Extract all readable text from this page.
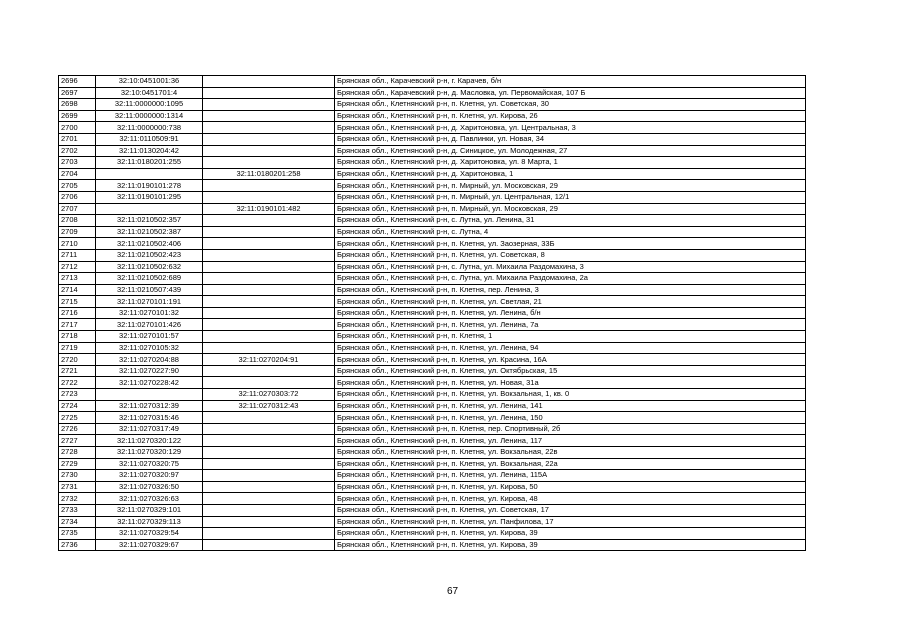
2696	32:10:0451001:36		Брянская обл., Карачевский р-н, г. Карачев, б/н
2697	32:10:0451701:4		Брянская обл., Карачевский р-н, д. Масловка, ул. Первомайская, 107 Б
2698	32:11:0000000:1095		Брянская обл., Клетнянский р-н, п. Клетня, ул. Советская, 30
2699	32:11:0000000:1314		Брянская обл., Клетнянский р-н, п. Клетня, ул. Кирова, 26
2700	32:11:0000000:738		Брянская обл., Клетнянский р-н, д. Харитоновка, ул. Центральная, 3
2701	32:11:0110509:91		Брянская обл., Клетнянский р-н, д. Павлинки, ул. Новая, 34
2702	32:11:0130204:42		Брянская обл., Клетнянский р-н, д. Синицкое, ул. Молодежная, 27
2703	32:11:0180201:255		Брянская обл., Клетнянский р-н, д. Харитоновка, ул. 8 Марта, 1
2704		32:11:0180201:258	Брянская обл., Клетнянский р-н, д. Харитоновка, 1
2705	32:11:0190101:278		Брянская обл., Клетнянский р-н, п. Мирный, ул. Московская, 29
2706	32:11:0190101:295		Брянская обл., Клетнянский р-н, п. Мирный, ул. Центральная, 12/1
2707		32:11:0190101:482	Брянская обл., Клетнянский р-н, п. Мирный, ул. Московская, 29
2708	32:11:0210502:357		Брянская обл., Клетнянский р-н, с. Лутна, ул. Ленина, 31
2709	32:11:0210502:387		Брянская обл., Клетнянский р-н, с. Лутна, 4
2710	32:11:0210502:406		Брянская обл., Клетнянский р-н, п. Клетня, ул. Заозерная, 33Б
2711	32:11:0210502:423		Брянская обл., Клетнянский р-н, п. Клетня, ул. Советская, 8
2712	32:11:0210502:632		Брянская обл., Клетнянский р-н, с. Лутна, ул. Михаила Раздомахина, 3
2713	32:11:0210502:689		Брянская обл., Клетнянский р-н, с. Лутна, ул. Михаила Раздомахина, 2а
2714	32:11:0210507:439		Брянская обл., Клетнянский р-н, п. Клетня, пер. Ленина, 3
2715	32:11:0270101:191		Брянская обл., Клетнянский р-н, п. Клетня, ул. Светлая, 21
2716	32:11:0270101:32		Брянская обл., Клетнянский р-н, п. Клетня, ул. Ленина, б/н
2717	32:11:0270101:426		Брянская обл., Клетнянский р-н, п. Клетня, ул. Ленина, 7а
2718	32:11:0270101:57		Брянская обл., Клетнянский р-н, п. Клетня, 1
2719	32:11:0270105:32		Брянская обл., Клетнянский р-н, п. Клетня, ул. Ленина, 94
2720	32:11:0270204:88	32:11:0270204:91	Брянская обл., Клетнянский р-н, п. Клетня, ул. Красина, 16А
2721	32:11:0270227:90		Брянская обл., Клетнянский р-н, п. Клетня, ул. Октябрьская, 15
2722	32:11:0270228:42		Брянская обл., Клетнянский р-н, п. Клетня, ул. Новая, 31а
2723		32:11:0270303:72	Брянская обл., Клетнянский р-н, п. Клетня, ул. Вокзальная, 1, кв. 0
2724	32:11:0270312:39	32:11:0270312:43	Брянская обл., Клетнянский р-н, п. Клетня, ул. Ленина, 141
2725	32:11:0270315:46		Брянская обл., Клетнянский р-н, п. Клетня, ул. Ленина, 150
2726	32:11:0270317:49		Брянская обл., Клетнянский р-н, п. Клетня, пер. Спортивный, 2б
2727	32:11:0270320:122		Брянская обл., Клетнянский р-н, п. Клетня, ул. Ленина, 117
2728	32:11:0270320:129		Брянская обл., Клетнянский р-н, п. Клетня, ул. Вокзальная, 22в
2729	32:11:0270320:75		Брянская обл., Клетнянский р-н, п. Клетня, ул. Вокзальная, 22а
2730	32:11:0270320:97		Брянская обл., Клетнянский р-н, п. Клетня, ул. Ленина, 115А
2731	32:11:0270326:50		Брянская обл., Клетнянский р-н, п. Клетня, ул. Кирова, 50
2732	32:11:0270326:63		Брянская обл., Клетнянский р-н, п. Клетня, ул. Кирова, 48
2733	32:11:0270329:101		Брянская обл., Клетнянский р-н, п. Клетня, ул. Советская, 17
2734	32:11:0270329:113		Брянская обл., Клетнянский р-н, п. Клетня, ул. Панфилова, 17
2735	32:11:0270329:54		Брянская обл., Клетнянский р-н, п. Клетня, ул. Кирова, 39
2736	32:11:0270329:67		Брянская обл., Клетнянский р-н, п. Клетня, ул. Кирова, 39
67
